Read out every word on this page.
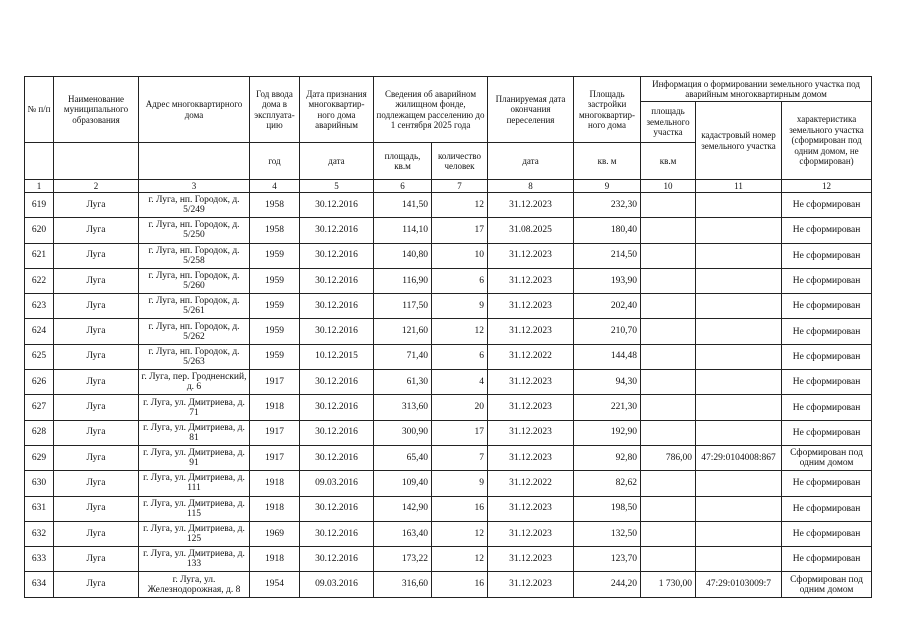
№ п/п	Наименование муниципального образования	Адрес многоквартирного дома	Год ввода дома в эксплуата-цию	Дата признания многоквартир-ного дома аварийным	Сведения об аварийном жилищном фонде, подлежащем расселению до 1 сентября 2025 года		Планируемая дата окончания переселения	Площадь застройки многоквартир-ного дома	Информация о формировании земельного участка под аварийным многоквартирным домом		
									площадь земельного участка	кадастровый номер земельного участка	характеристика земельного участка (сформирован под одним домом, не сформирован)
			год	дата	площадь, кв.м	количество человек	дата	кв. м	кв.м		
1	2	3	4	5	6	7	8	9	10	11	12
619	Луга	г. Луга, нп. Городок, д. 5/249	1958	30.12.2016	141,50	12	31.12.2023	232,30			Не сформирован
620	Луга	г. Луга, нп. Городок, д. 5/250	1958	30.12.2016	114,10	17	31.08.2025	180,40			Не сформирован
621	Луга	г. Луга, нп. Городок, д. 5/258	1959	30.12.2016	140,80	10	31.12.2023	214,50			Не сформирован
622	Луга	г. Луга, нп. Городок, д. 5/260	1959	30.12.2016	116,90	6	31.12.2023	193,90			Не сформирован
623	Луга	г. Луга, нп. Городок, д. 5/261	1959	30.12.2016	117,50	9	31.12.2023	202,40			Не сформирован
624	Луга	г. Луга, нп. Городок, д. 5/262	1959	30.12.2016	121,60	12	31.12.2023	210,70			Не сформирован
625	Луга	г. Луга, нп. Городок, д. 5/263	1959	10.12.2015	71,40	6	31.12.2022	144,48			Не сформирован
626	Луга	г. Луга, пер. Гродненский, д. 6	1917	30.12.2016	61,30	4	31.12.2023	94,30			Не сформирован
627	Луга	г. Луга, ул. Дмитриева, д. 71	1918	30.12.2016	313,60	20	31.12.2023	221,30			Не сформирован
628	Луга	г. Луга, ул. Дмитриева, д. 81	1917	30.12.2016	300,90	17	31.12.2023	192,90			Не сформирован
629	Луга	г. Луга, ул. Дмитриева, д. 91	1917	30.12.2016	65,40	7	31.12.2023	92,80	786,00	47:29:0104008:867	Сформирован под одним домом
630	Луга	г. Луга, ул. Дмитриева, д. 111	1918	09.03.2016	109,40	9	31.12.2022	82,62			Не сформирован
631	Луга	г. Луга, ул. Дмитриева, д. 115	1918	30.12.2016	142,90	16	31.12.2023	198,50			Не сформирован
632	Луга	г. Луга, ул. Дмитриева, д. 125	1969	30.12.2016	163,40	12	31.12.2023	132,50			Не сформирован
633	Луга	г. Луга, ул. Дмитриева, д. 133	1918	30.12.2016	173,22	12	31.12.2023	123,70			Не сформирован
634	Луга	г. Луга, ул. Железнодорожная, д. 8	1954	09.03.2016	316,60	16	31.12.2023	244,20	1 730,00	47:29:0103009:7	Сформирован под одним домом
